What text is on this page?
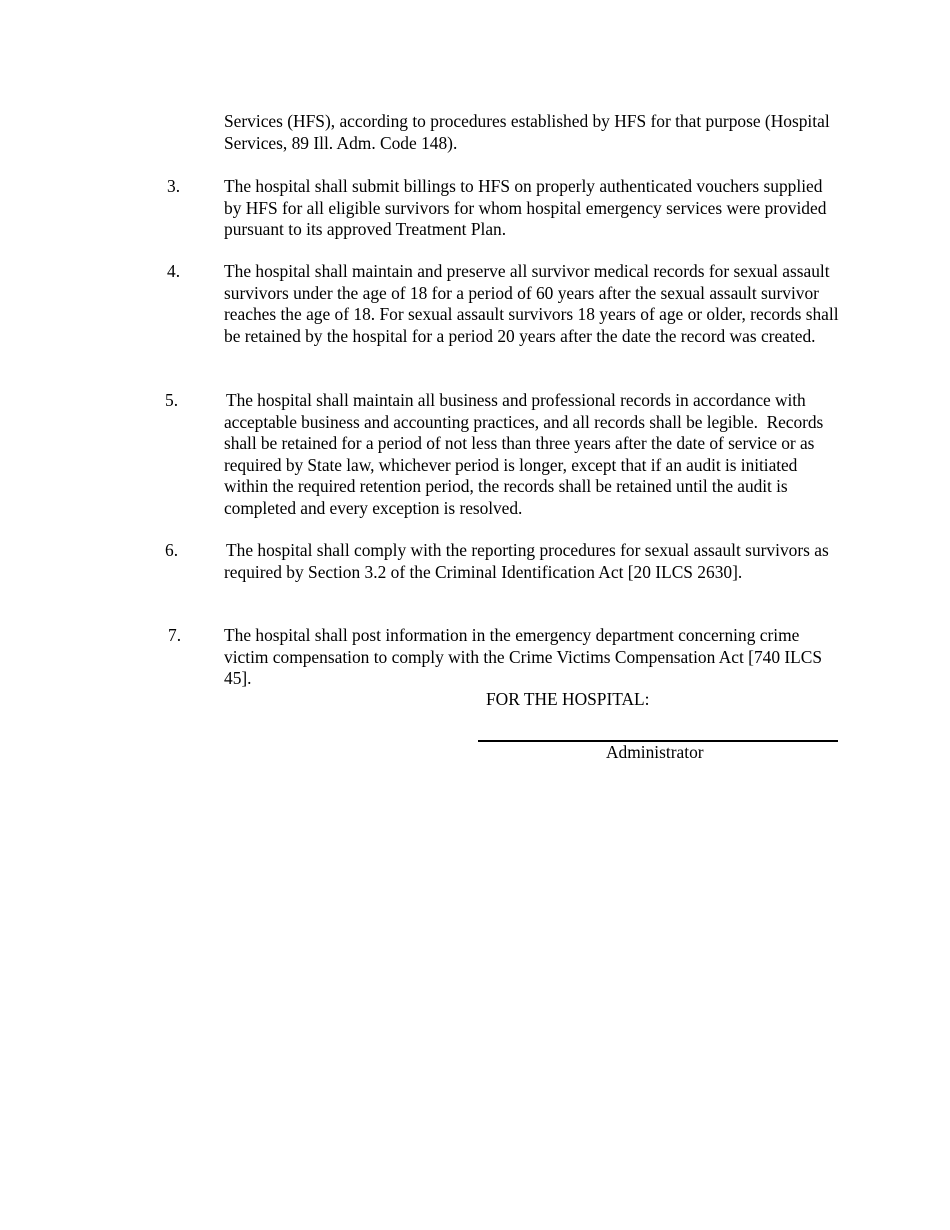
Services (HFS), according to procedures established by HFS for that purpose (Hospital Services, 89 Ill. Adm. Code 148).

3.	The hospital shall submit billings to HFS on properly authenticated vouchers supplied by HFS for all eligible survivors for whom hospital emergency services were provided pursuant to its approved Treatment Plan.
4.	The hospital shall maintain and preserve all survivor medical records for sexual assault survivors under the age of 18 for a period of 60 years after the sexual assault survivor reaches the age of 18. For sexual assault survivors 18 years of age or older, records shall be retained by the hospital for a period 20 years after the date the record was created.
5.	The hospital shall maintain all business and professional records in accordance with acceptable business and accounting practices, and all records shall be legible.  Records shall be retained for a period of not less than three years after the date of service or as required by State law, whichever period is longer, except that if an audit is initiated within the required retention period, the records shall be retained until the audit is completed and every exception is resolved.
6.	The hospital shall comply with the reporting procedures for sexual assault survivors as required by Section 3.2 of the Criminal Identification Act [20 ILCS 2630].
7.	The hospital shall post information in the emergency department concerning crime victim compensation to comply with the Crime Victims Compensation Act [740 ILCS 45].
FOR THE HOSPITAL:
Administrator
